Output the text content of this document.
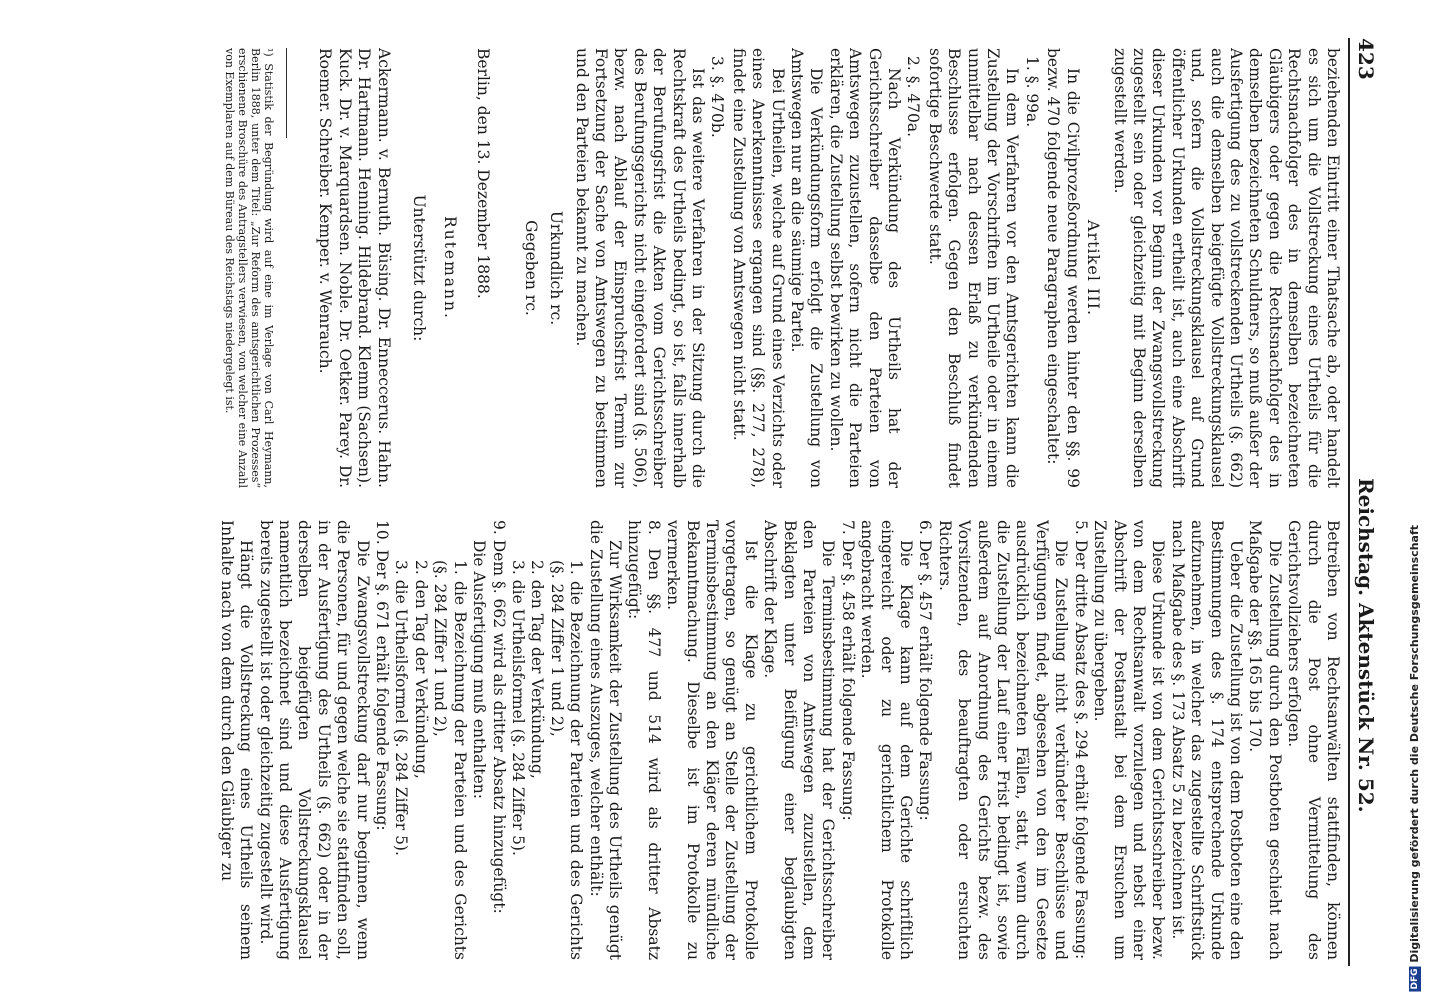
423
Reichstag. Aktenstück Nr. 52.

beziehenden Eintritt einer Thatsache ab, oder handelt es sich um die Vollstreckung eines Urtheils für die Rechtsnachfolger des in demselben bezeichneten Gläubigers oder gegen die Rechtsnachfolger des in demselben bezeichneten Schuldners, so muß außer der Ausfertigung des zu vollstreckenden Urtheils (§. 662) auch die demselben beigefügte Vollstreckungsklausel und, sofern die Vollstreckungsklausel auf Grund öffentlicher Urkunden ertheilt ist, auch eine Abschrift dieser Urkunden vor Beginn der Zwangsvollstreckung zugestellt sein oder gleichzeitig mit Beginn derselben zugestellt werden.

Artikel III.

In die Civilprozeßordnung werden hinter den §§. 99 bezw. 470 folgende neue Paragraphen eingeschaltet:

1. §. 99a.

In dem Verfahren vor den Amtsgerichten kann die Zustellung der Vorschriften im Urtheile oder in einem unmittelbar nach dessen Erlaß zu verkündenden Beschlusse erfolgen. Gegen den Beschluß findet sofortige Beschwerde statt.

2. §. 470a.

Nach Verkündung des Urtheils hat der Gerichtsschreiber dasselbe den Parteien von Amtswegen zuzustellen, sofern nicht die Parteien erklären, die Zustellung selbst bewirken zu wollen.

Die Verkündungsform erfolgt die Zustellung von Amtswegen nur an die säumige Partei.

Bei Urtheilen, welche auf Grund eines Verzichts oder eines Anerkenntnisses ergangen sind (§§. 277, 278), findet eine Zustellung von Amtswegen nicht statt.

3. §. 470b.

Ist das weitere Verfahren in der Sitzung durch die Rechtskraft des Urtheils bedingt, so ist, falls innerhalb der Berufungsfrist die Akten vom Gerichtsschreiber des Berufungsgerichts nicht eingefordert sind (§. 506), bezw. nach Ablauf der Einspruchsfrist Termin zur Fortsetzung der Sache von Amtswegen zu bestimmen und den Parteien bekannt zu machen.

Urkundlich rc.
Gegeben rc.
Berlin, den 13. Dezember 1888.
Rutemann.
Unterstützt durch:

Ackermann. v. Bernuth. Büsing. Dr. Enneccerus. Hahn. Dr. Hartmann. Henning. Hildebrand. Klemm (Sachsen). Kuck. Dr. v. Marquardsen. Noble. Dr. Oetker. Parey. Dr. Roemer. Schreiber. Kemper. v. Wenrauch.

¹) Statistik der Begründung wird auf eine im Verlage von Carl Heymann, Berlin 1888, unter dem Titel: „Zur Reform des amtsgerichtlichen Prozesses“ erschienene Broschüre des Antragstellers verwiesen, von welcher eine Anzahl von Exemplaren auf dem Büreau des Reichstags niedergelegt ist.

Betreiben von Rechtsanwälten stattfinden, können durch die Post ohne Vermittelung des Gerichtsvollziehers erfolgen.

Die Zustellung durch den Postboten geschieht nach Maßgabe der §§. 165 bis 170.

Ueber die Zustellung ist von dem Postboten eine den Bestimmungen des §. 174 entsprechende Urkunde aufzunehmen, in welcher das zugestellte Schriftstück nach Maßgabe des §. 173 Absatz 5 zu bezeichnen ist.

Diese Urkunde ist von dem Gerichtsschreiber bezw. von dem Rechtsanwalt vorzulegen und nebst einer Abschrift der Postanstalt bei dem Ersuchen um Zustellung zu übergeben.

5. Der dritte Absatz des §. 294 erhält folgende Fassung:

Die Zustellung nicht verkündeter Beschlüsse und Verfügungen findet, abgesehen von den im Gesetze ausdrücklich bezeichneten Fällen, statt, wenn durch die Zustellung der Lauf einer Frist bedingt ist, sowie außerdem auf Anordnung des Gerichts bezw. des Vorsitzenden, des beauftragten oder ersuchten Richters.

6. Der §. 457 erhält folgende Fassung:

Die Klage kann auf dem Gerichte schriftlich eingereicht oder zu gerichtlichem Protokolle angebracht werden.

7. Der §. 458 erhält folgende Fassung:

Die Terminsbestimmung hat der Gerichtsschreiber den Parteien von Amtswegen zuzustellen, dem Beklagten unter Beifügung einer beglaubigten Abschrift der Klage.

Ist die Klage zu gerichtlichem Protokolle vorgetragen, so genügt an Stelle der Zustellung der Terminsbestimmung an den Kläger deren mündliche Bekanntmachung. Dieselbe ist im Protokolle zu vermerken.

8. Den §§. 477 und 514 wird als dritter Absatz hinzugefügt:

Zur Wirksamkeit der Zustellung des Urtheils genügt die Zustellung eines Auszuges, welcher enthält:

1. die Bezeichnung der Parteien und des Gerichts (§. 284 Ziffer 1 und 2),

2. den Tag der Verkündung,

3. die Urtheilsformel (§. 284 Ziffer 5).

9. Dem §. 662 wird als dritter Absatz hinzugefügt:

Die Ausfertigung muß enthalten:

1. die Bezeichnung der Parteien und des Gerichts (§. 284 Ziffer 1 und 2),

2. den Tag der Verkündung,

3. die Urtheilsformel (§. 284 Ziffer 5).

10. Der §. 671 erhält folgende Fassung:

Die Zwangsvollstreckung darf nur beginnen, wenn die Personen, für und gegen welche sie stattfinden soll, in der Ausfertigung des Urtheils (§. 662) oder in der derselben beigefügten Vollstreckungsklausel namentlich bezeichnet sind und diese Ausfertigung bereits zugestellt ist oder gleichzeitig zugestellt wird.

Hängt die Vollstreckung eines Urtheils seinem Inhalte nach von dem durch den Gläubiger zu

DFG Digitalisierung gefördert durch die Deutsche Forschungsgemeinschaft
